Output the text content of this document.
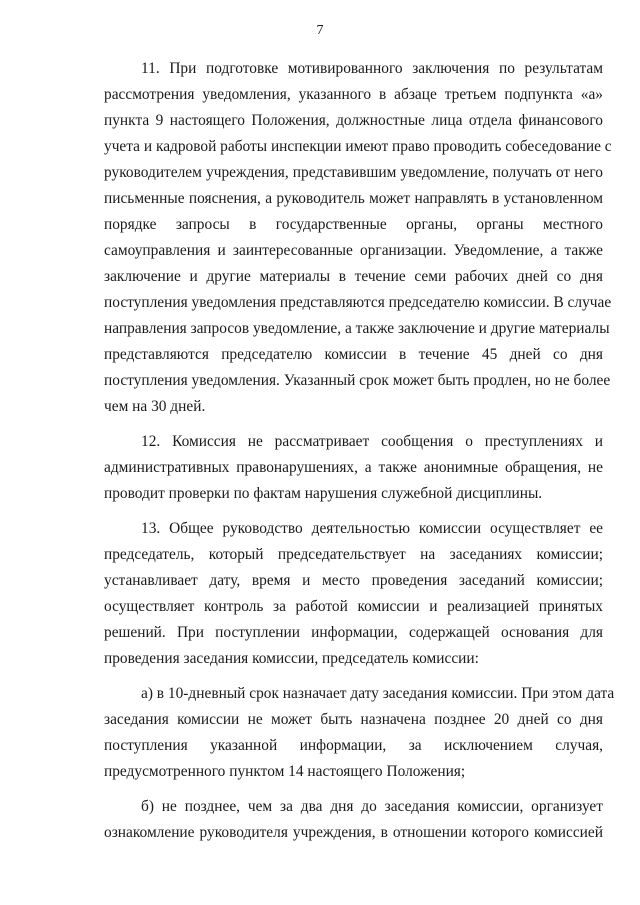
7

11. При подготовке мотивированного заключения по результатам
рассмотрения уведомления, указанного в абзаце третьем подпункта «а»
пункта 9 настоящего Положения, должностные лица отдела финансового
учета и кадровой работы инспекции имеют право проводить собеседование с
руководителем учреждения, представившим уведомление, получать от него
письменные пояснения, а руководитель может направлять в установленном
порядке запросы в государственные органы, органы местного
самоуправления и заинтересованные организации. Уведомление, а также
заключение и другие материалы в течение семи рабочих дней со дня
поступления уведомления представляются председателю комиссии. В случае
направления запросов уведомление, а также заключение и другие материалы
представляются председателю комиссии в течение 45 дней со дня
поступления уведомления. Указанный срок может быть продлен, но не более
чем на 30 дней.

12. Комиссия не рассматривает сообщения о преступлениях и
административных правонарушениях, а также анонимные обращения, не
проводит проверки по фактам нарушения служебной дисциплины.

13. Общее руководство деятельностью комиссии осуществляет ее
председатель, который председательствует на заседаниях комиссии;
устанавливает дату, время и место проведения заседаний комиссии;
осуществляет контроль за работой комиссии и реализацией принятых
решений. При поступлении информации, содержащей основания для
проведения заседания комиссии, председатель комиссии:

а) в 10-дневный срок назначает дату заседания комиссии. При этом дата
заседания комиссии не может быть назначена позднее 20 дней со дня
поступления указанной информации, за исключением случая,
предусмотренного пунктом 14 настоящего Положения;

б) не позднее, чем за два дня до заседания комиссии, организует
ознакомление руководителя учреждения, в отношении которого комиссией
